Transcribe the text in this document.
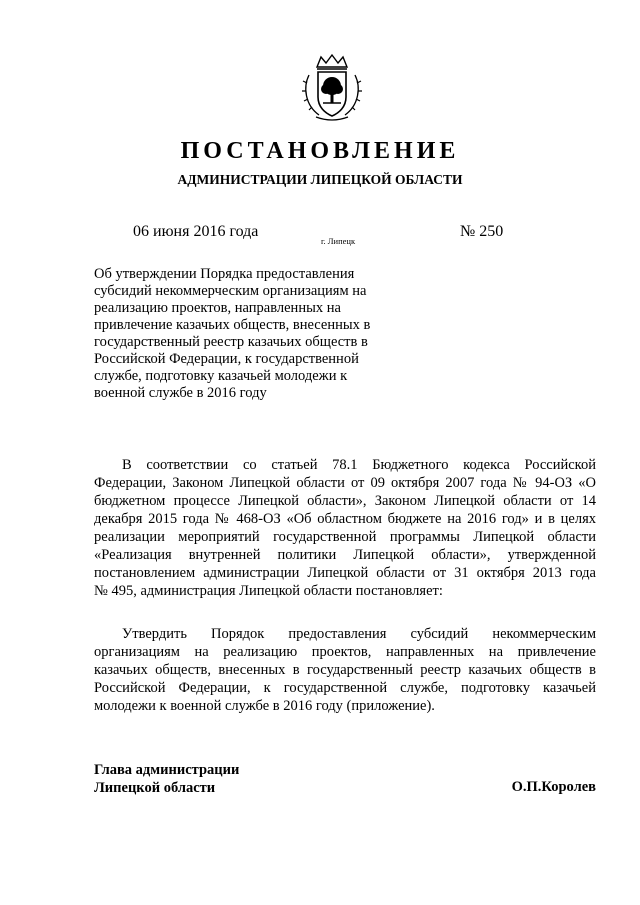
ПОСТАНОВЛЕНИЕ
АДМИНИСТРАЦИИ ЛИПЕЦКОЙ ОБЛАСТИ
06 июня 2016 года
г. Липецк
№ 250
Об утверждении Порядка предоставления
субсидий некоммерческим организациям на
реализацию проектов, направленных на
привлечение казачьих обществ, внесенных в
государственный реестр казачьих обществ в
Российской Федерации, к государственной
службе, подготовку казачьей молодежи к
военной службе в 2016 году
В соответствии со статьей 78.1 Бюджетного кодекса Российской
Федерации, Законом Липецкой области от 09 октября 2007 года № 94-ОЗ «О
бюджетном процессе Липецкой области», Законом Липецкой области от 14
декабря 2015 года № 468-ОЗ «Об областном бюджете на 2016 год» и в целях
реализации мероприятий государственной программы Липецкой области
«Реализация внутренней политики Липецкой области», утвержденной
постановлением администрации Липецкой области от 31 октября 2013 года
№ 495, администрация Липецкой области постановляет:
Утвердить Порядок предоставления субсидий некоммерческим
организациям на реализацию проектов, направленных на привлечение
казачьих обществ, внесенных в государственный реестр казачьих обществ в
Российской Федерации, к государственной службе, подготовку казачьей
молодежи к военной службе в 2016 году (приложение).
Глава администрации
Липецкой области	О.П.Королев
